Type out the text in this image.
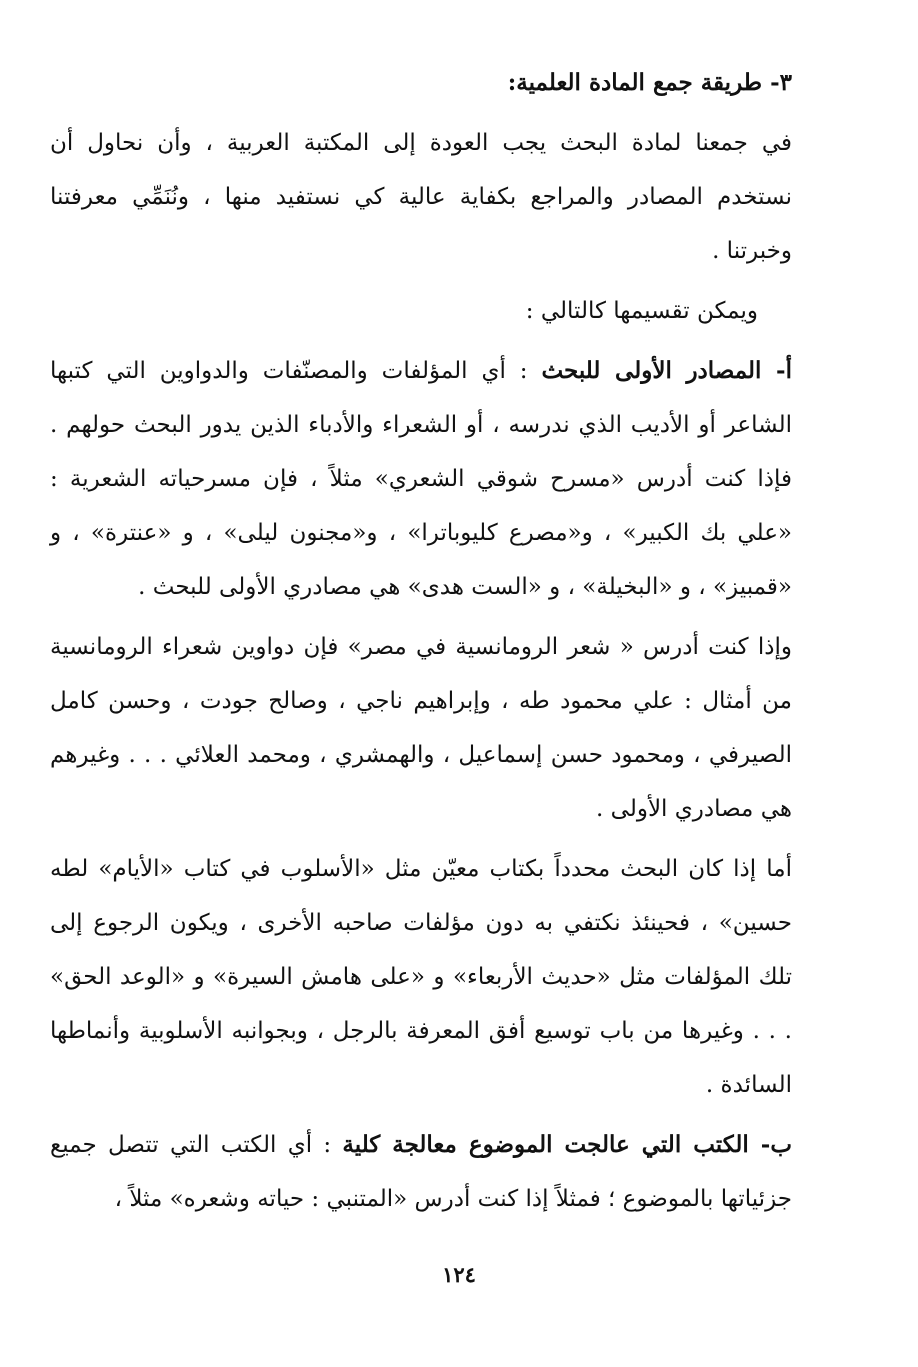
٣- طريقة جمع المادة العلمية:

في جمعنا لمادة البحث يجب العودة إلى المكتبة العربية ، وأن نحاول أن نستخدم المصادر والمراجع بكفاية عالية كي نستفيد منها ، ونُنَمِّي معرفتنا وخبرتنا .

ويمكن تقسيمها كالتالي :

أ- المصادر الأولى للبحث : أي المؤلفات والمصنّفات والدواوين التي كتبها الشاعر أو الأديب الذي ندرسه ، أو الشعراء والأدباء الذين يدور البحث حولهم . فإذا كنت أدرس «مسرح شوقي الشعري» مثلاً ، فإن مسرحياته الشعرية : «علي بك الكبير» ، و«مصرع كليوباترا» ، و«مجنون ليلى» ، و «عنترة» ، و «قمبيز» ، و «البخيلة» ، و «الست هدى» هي مصادري الأولى للبحث .

وإذا كنت أدرس « شعر الرومانسية في مصر» فإن دواوين شعراء الرومانسية من أمثال : علي محمود طه ، وإبراهيم ناجي ، وصالح جودت ، وحسن كامل الصيرفي ، ومحمود حسن إسماعيل ، والهمشري ، ومحمد العلائي . . . وغيرهم هي مصادري الأولى .

أما إذا كان البحث محدداً بكتاب معيّن مثل «الأسلوب في كتاب «الأيام» لطه حسين» ، فحينئذ نكتفي به دون مؤلفات صاحبه الأخرى ، ويكون الرجوع إلى تلك المؤلفات مثل «حديث الأربعاء» و «على هامش السيرة» و «الوعد الحق» . . . وغيرها من باب توسيع أفق المعرفة بالرجل ، وبجوانبه الأسلوبية وأنماطها السائدة .

ب- الكتب التي عالجت الموضوع معالجة كلية : أي الكتب التي تتصل جميع جزئياتها بالموضوع ؛ فمثلاً إذا كنت أدرس «المتنبي : حياته وشعره» مثلاً ،

١٢٤
